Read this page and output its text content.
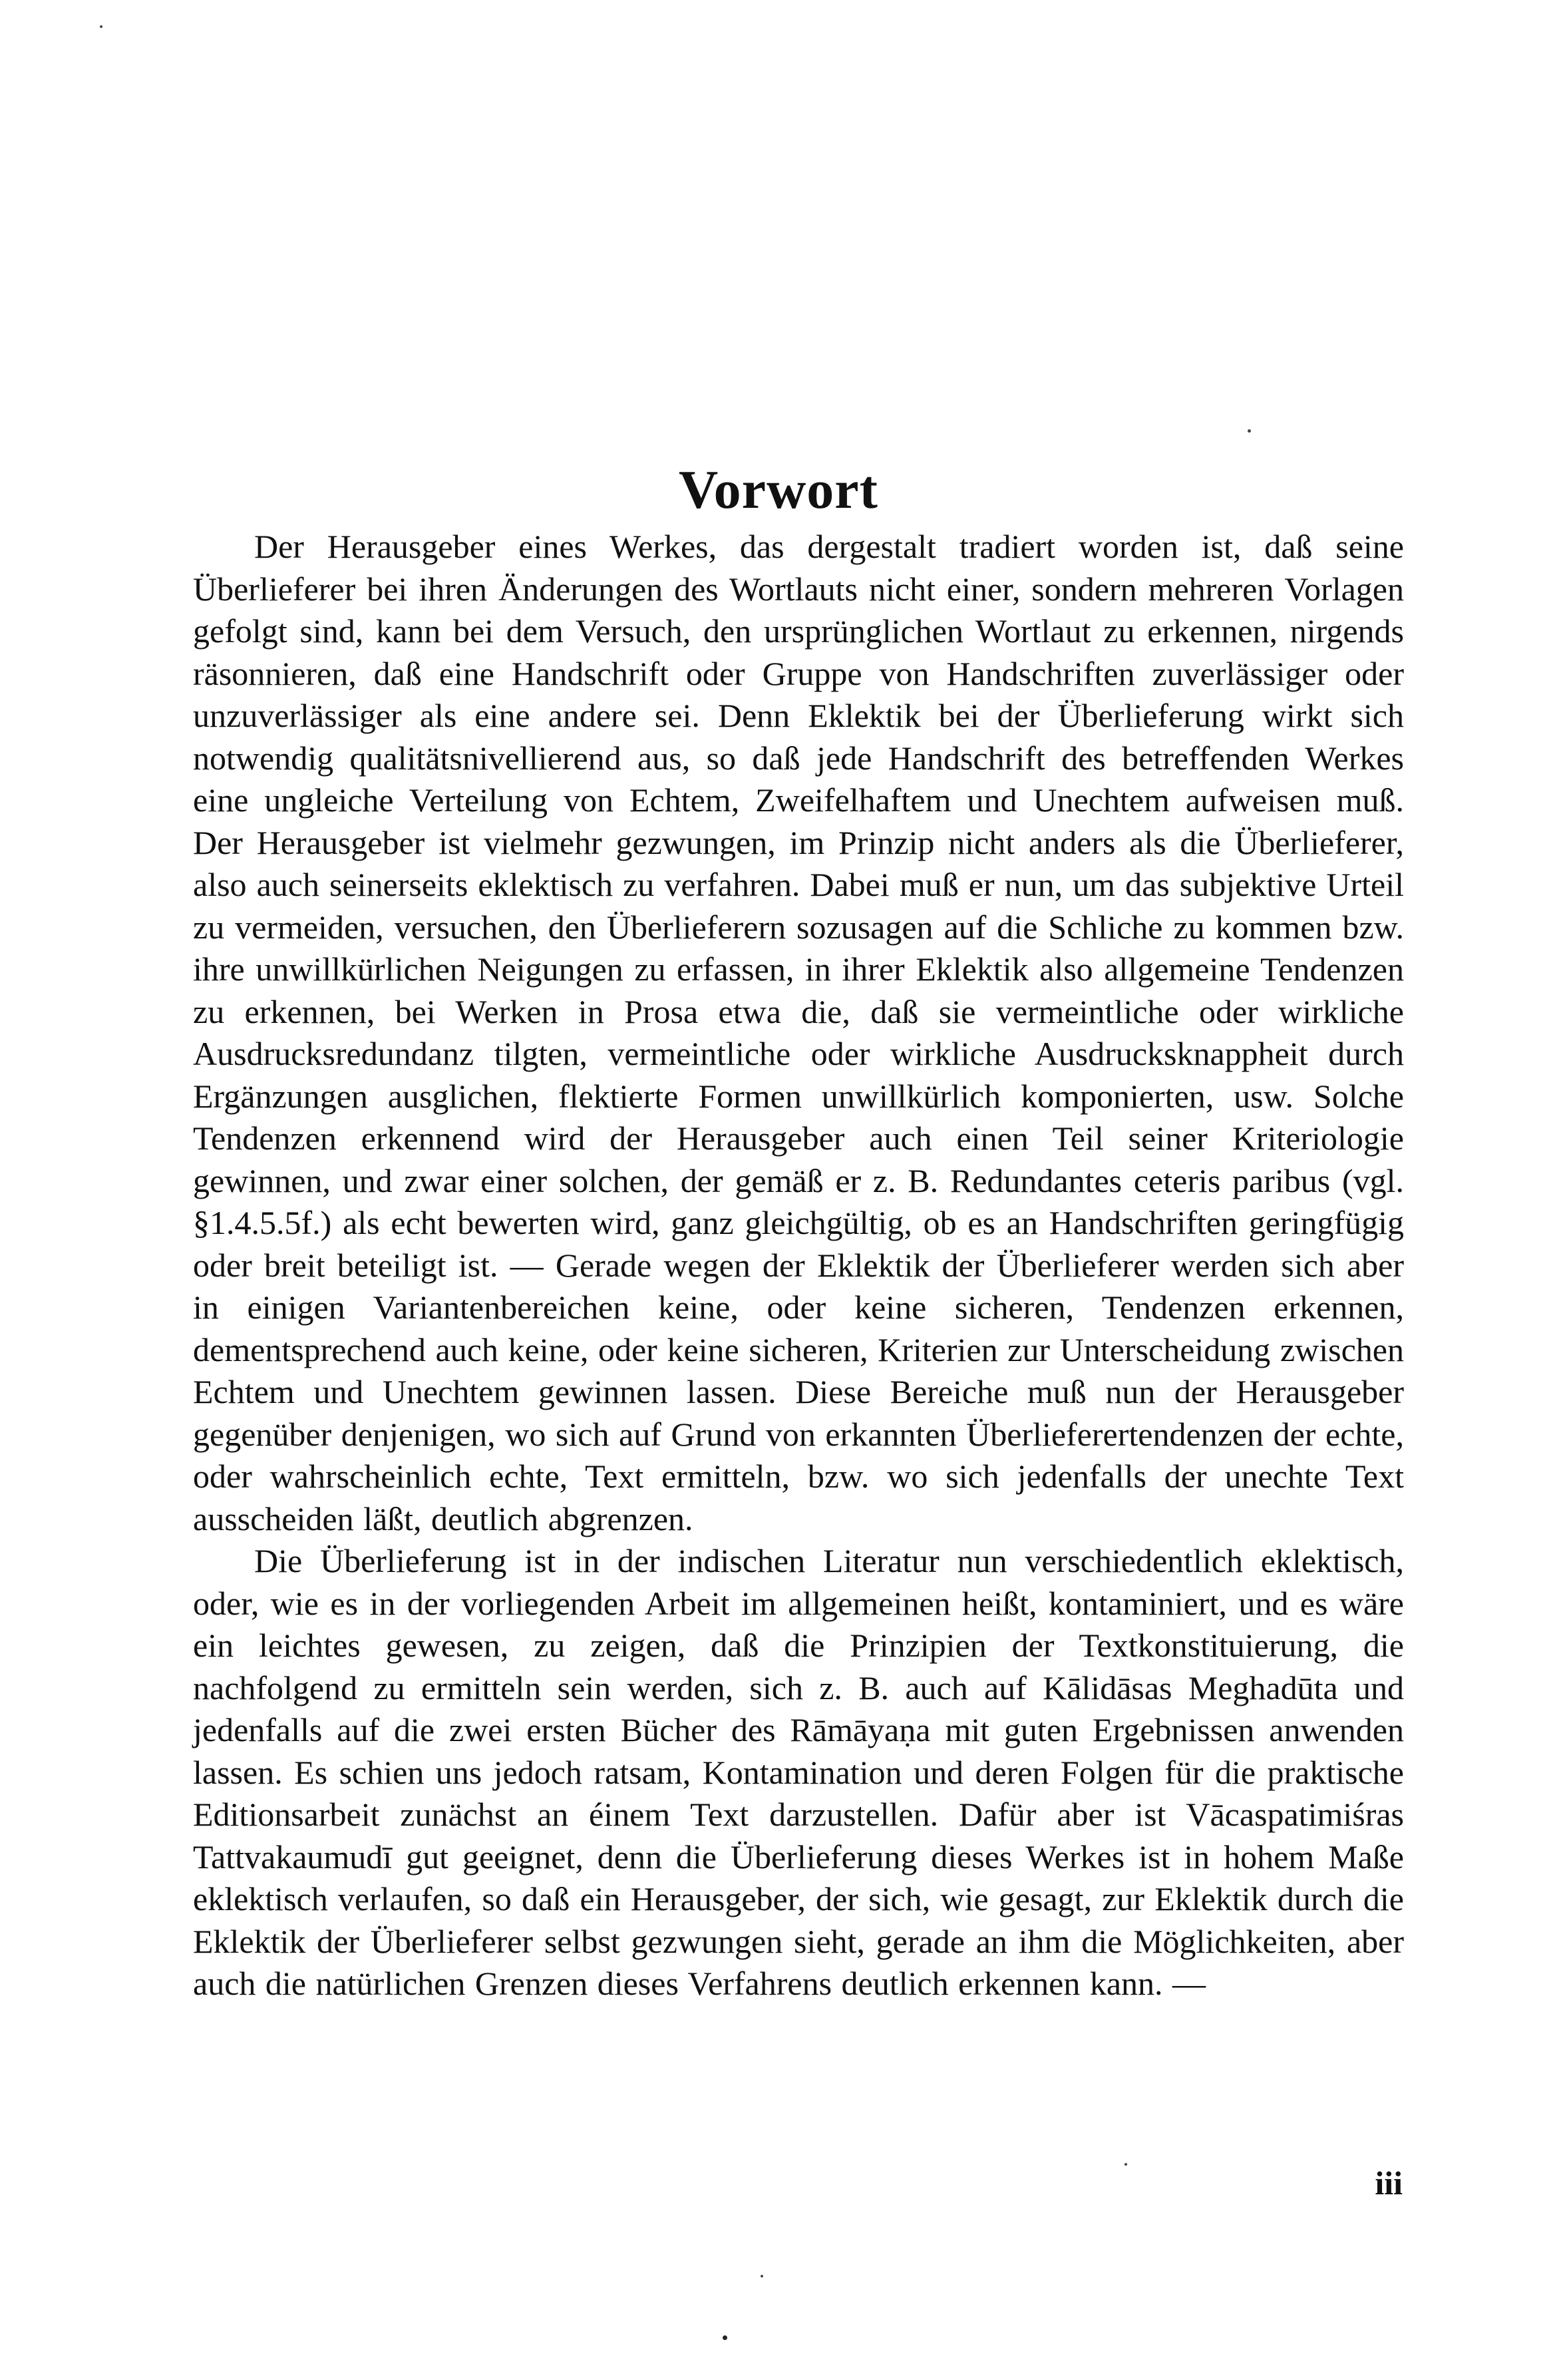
Vorwort

Der Herausgeber eines Werkes, das dergestalt tradiert worden ist, daß seine Überlieferer bei ihren Änderungen des Wortlauts nicht einer, sondern mehreren Vorlagen gefolgt sind, kann bei dem Versuch, den ursprünglichen Wortlaut zu erkennen, nirgends räsonnieren, daß eine Handschrift oder Gruppe von Handschriften zuverlässiger oder unzuverlässiger als eine andere sei. Denn Eklektik bei der Überlieferung wirkt sich notwendig qualitätsnivellierend aus, so daß jede Handschrift des betreffenden Werkes eine ungleiche Verteilung von Echtem, Zweifelhaftem und Unechtem aufweisen muß. Der Herausgeber ist vielmehr gezwungen, im Prinzip nicht anders als die Überlieferer, also auch seinerseits eklektisch zu verfahren. Dabei muß er nun, um das subjektive Urteil zu vermeiden, versuchen, den Überlieferern sozusagen auf die Schliche zu kommen bzw. ihre unwillkürlichen Neigungen zu erfassen, in ihrer Eklektik also allgemeine Tendenzen zu erkennen, bei Werken in Prosa etwa die, daß sie vermeintliche oder wirkliche Ausdrucksredundanz tilgten, vermeintliche oder wirkliche Ausdrucksknappheit durch Ergänzungen ausglichen, flektierte Formen unwillkürlich komponierten, usw. Solche Tendenzen erkennend wird der Herausgeber auch einen Teil seiner Kriteriologie gewinnen, und zwar einer solchen, der gemäß er z. B. Redundantes ceteris paribus (vgl. §1.4.5.5f.) als echt bewerten wird, ganz gleichgültig, ob es an Handschriften geringfügig oder breit beteiligt ist. — Gerade wegen der Eklektik der Überlieferer werden sich aber in einigen Variantenbereichen keine, oder keine sicheren, Tendenzen erkennen, dementsprechend auch keine, oder keine sicheren, Kriterien zur Unterscheidung zwischen Echtem und Unechtem gewinnen lassen. Diese Bereiche muß nun der Herausgeber gegenüber denjenigen, wo sich auf Grund von erkannten Überlieferertendenzen der echte, oder wahrscheinlich echte, Text ermitteln, bzw. wo sich jedenfalls der unechte Text ausscheiden läßt, deutlich abgrenzen.

Die Überlieferung ist in der indischen Literatur nun verschiedentlich eklektisch, oder, wie es in der vorliegenden Arbeit im allgemeinen heißt, kontaminiert, und es wäre ein leichtes gewesen, zu zeigen, daß die Prinzipien der Textkonstituierung, die nachfolgend zu ermitteln sein werden, sich z. B. auch auf Kālidāsas Meghadūta und jedenfalls auf die zwei ersten Bücher des Rāmāyaṇa mit guten Ergebnissen anwenden lassen. Es schien uns jedoch ratsam, Kontamination und deren Folgen für die praktische Editionsarbeit zunächst an éinem Text darzustellen. Dafür aber ist Vācaspatimiśras Tattvakaumudī gut geeignet, denn die Überlieferung dieses Werkes ist in hohem Maße eklektisch verlaufen, so daß ein Herausgeber, der sich, wie gesagt, zur Eklektik durch die Eklektik der Überlieferer selbst gezwungen sieht, gerade an ihm die Möglichkeiten, aber auch die natürlichen Grenzen dieses Verfahrens deutlich erkennen kann. —

iii
